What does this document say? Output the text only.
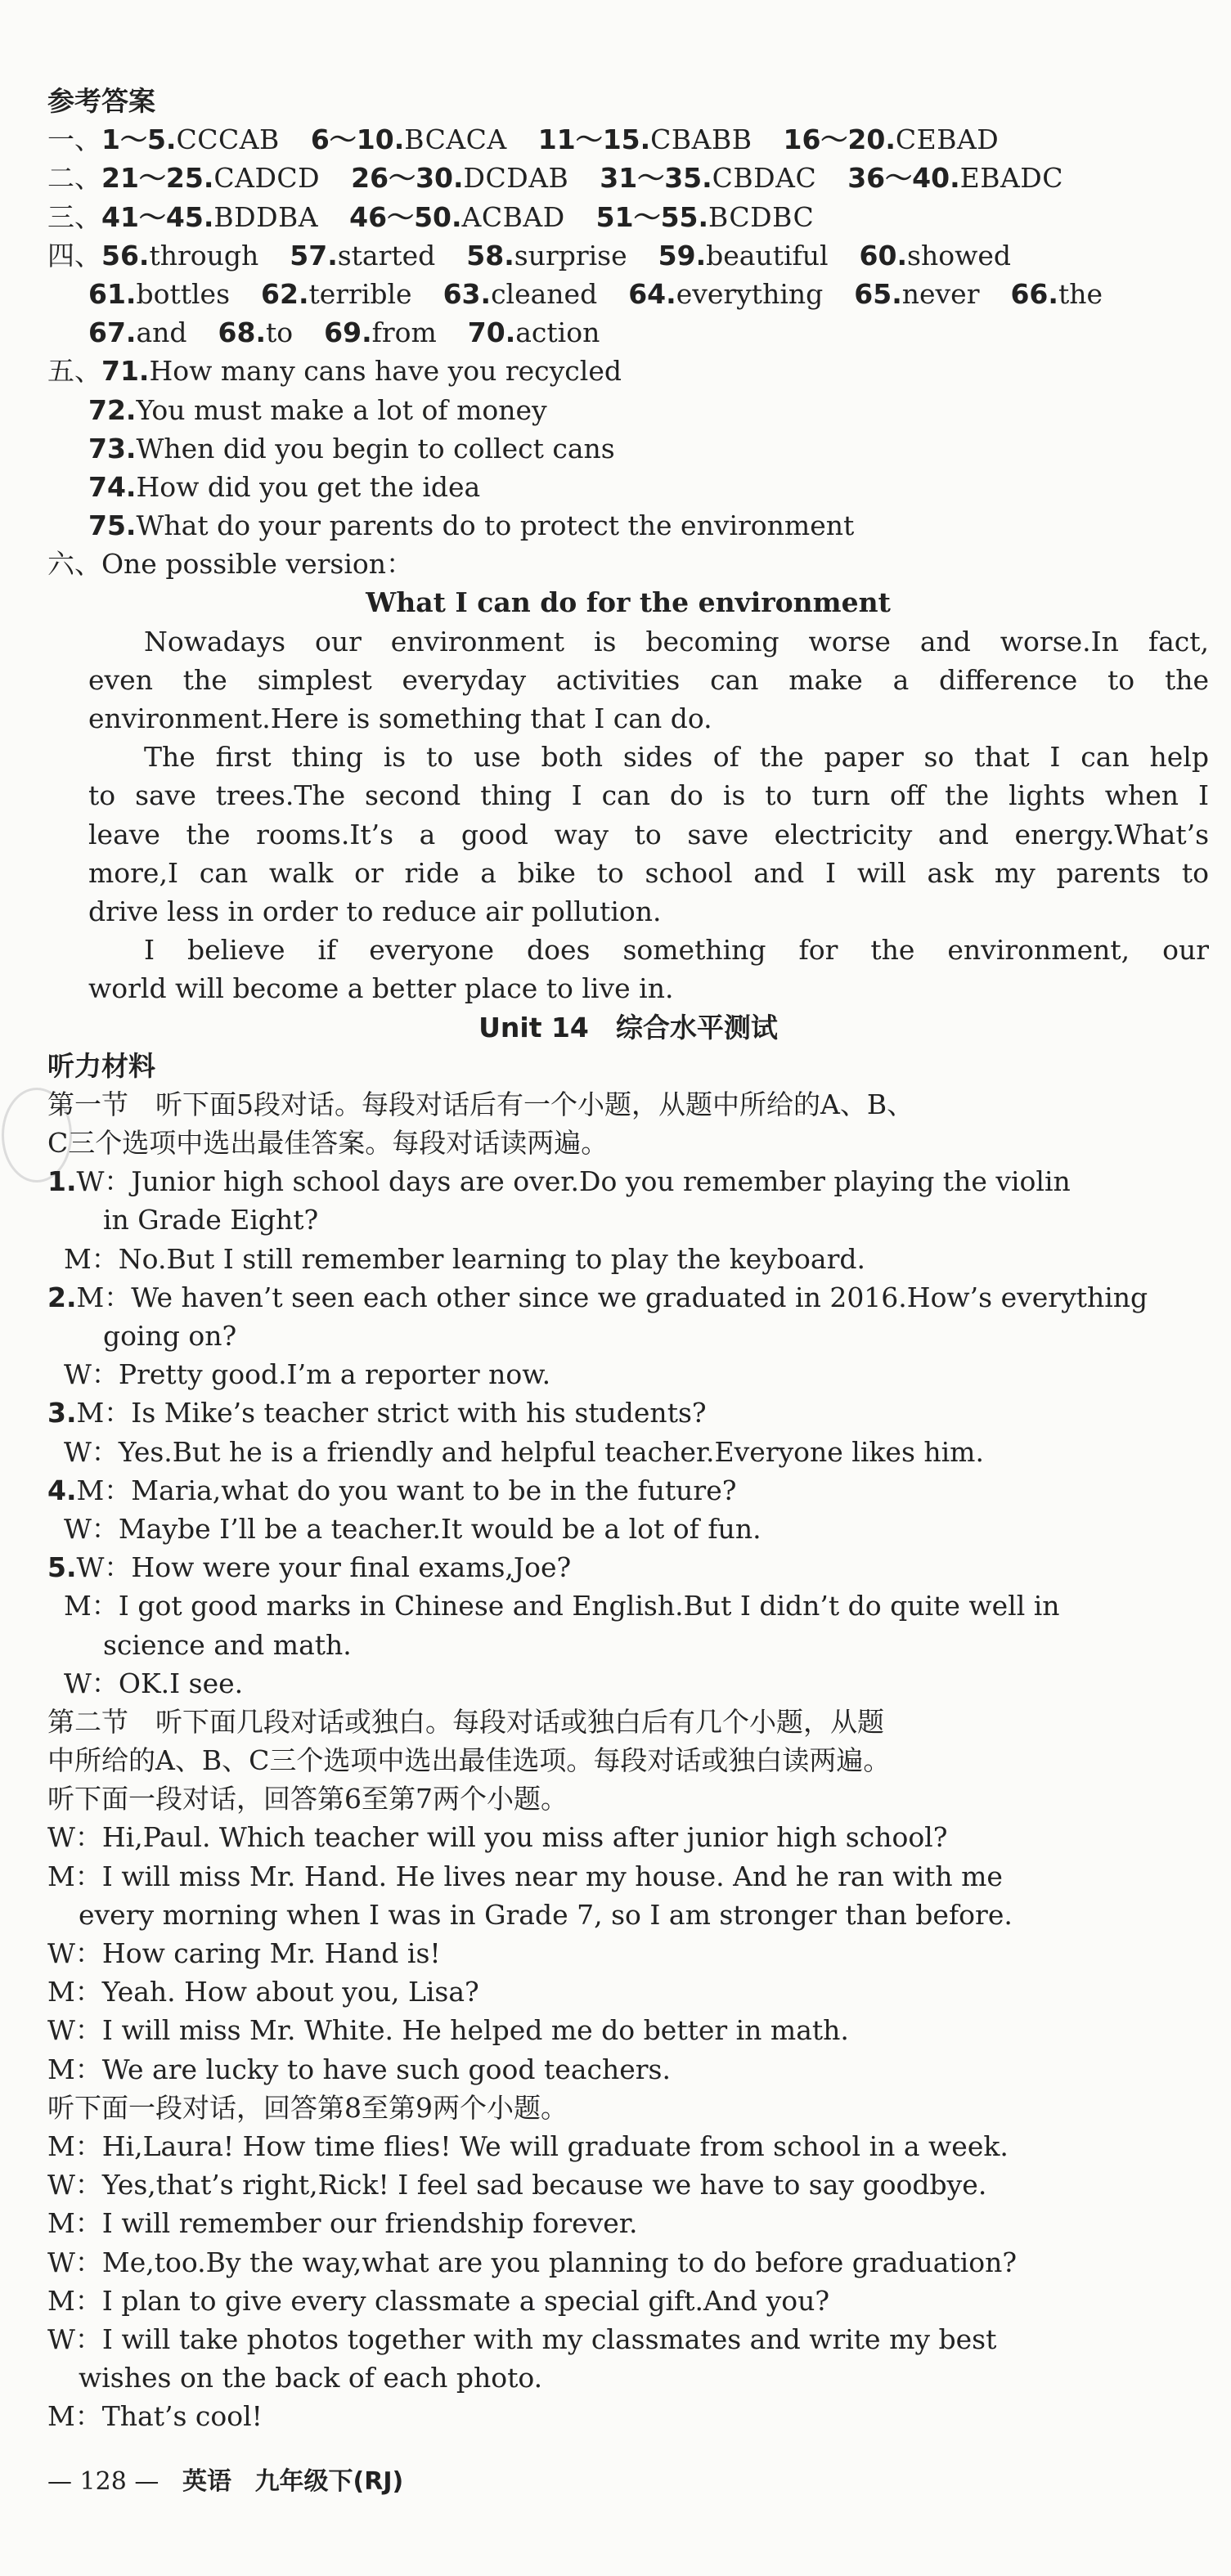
参考答案
一、1～5.CCCAB 6～10.BCACA 11～15.CBABB 16～20.CEBAD
二、21～25.CADCD 26～30.DCDAB 31～35.CBDAC 36～40.EBADC
三、41～45.BDDBA 46～50.ACBAD 51～55.BCDBC
四、56.through 57.started 58.surprise 59.beautiful 60.showed
61.bottles 62.terrible 63.cleaned 64.everything 65.never 66.the
67.and 68.to 69.from 70.action
五、71.How many cans have you recycled
72.You must make a lot of money
73.When did you begin to collect cans
74.How did you get the idea
75.What do your parents do to protect the environment
六、One possible version：
What I can do for the environment
Nowadays our environment is becoming worse and worse.In fact,
even the simplest everyday activities can make a difference to the
environment.Here is something that I can do.
The first thing is to use both sides of the paper so that I can help
to save trees.The second thing I can do is to turn off the lights when I
leave the rooms.It’s a good way to save electricity and energy.What’s
more,I can walk or ride a bike to school and I will ask my parents to
drive less in order to reduce air pollution.
I believe if everyone does something for the environment, our
world will become a better place to live in.
Unit 14　综合水平测试
听力材料
第一节　听下面5段对话。每段对话后有一个小题，从题中所给的A、B、
C三个选项中选出最佳答案。每段对话读两遍。
1.W：Junior high school days are over.Do you remember playing the violin
in Grade Eight?
M：No.But I still remember learning to play the keyboard.
2.M：We haven’t seen each other since we graduated in 2016.How’s everything
going on?
W：Pretty good.I’m a reporter now.
3.M：Is Mike’s teacher strict with his students?
W：Yes.But he is a friendly and helpful teacher.Everyone likes him.
4.M：Maria,what do you want to be in the future?
W：Maybe I’ll be a teacher.It would be a lot of fun.
5.W：How were your final exams,Joe?
M：I got good marks in Chinese and English.But I didn’t do quite well in
science and math.
W：OK.I see.
第二节　听下面几段对话或独白。每段对话或独白后有几个小题，从题
中所给的A、B、C三个选项中选出最佳选项。每段对话或独白读两遍。
听下面一段对话，回答第6至第7两个小题。
W：Hi,Paul. Which teacher will you miss after junior high school?
M：I will miss Mr. Hand. He lives near my house. And he ran with me
every morning when I was in Grade 7, so I am stronger than before.
W：How caring Mr. Hand is!
M：Yeah. How about you, Lisa?
W：I will miss Mr. White. He helped me do better in math.
M：We are lucky to have such good teachers.
听下面一段对话，回答第8至第9两个小题。
M：Hi,Laura! How time flies! We will graduate from school in a week.
W：Yes,that’s right,Rick! I feel sad because we have to say goodbye.
M：I will remember our friendship forever.
W：Me,too.By the way,what are you planning to do before graduation?
M：I plan to give every classmate a special gift.And you?
W：I will take photos together with my classmates and write my best
wishes on the back of each photo.
M：That’s cool!
— 128 — 英语 九年级下(RJ)
